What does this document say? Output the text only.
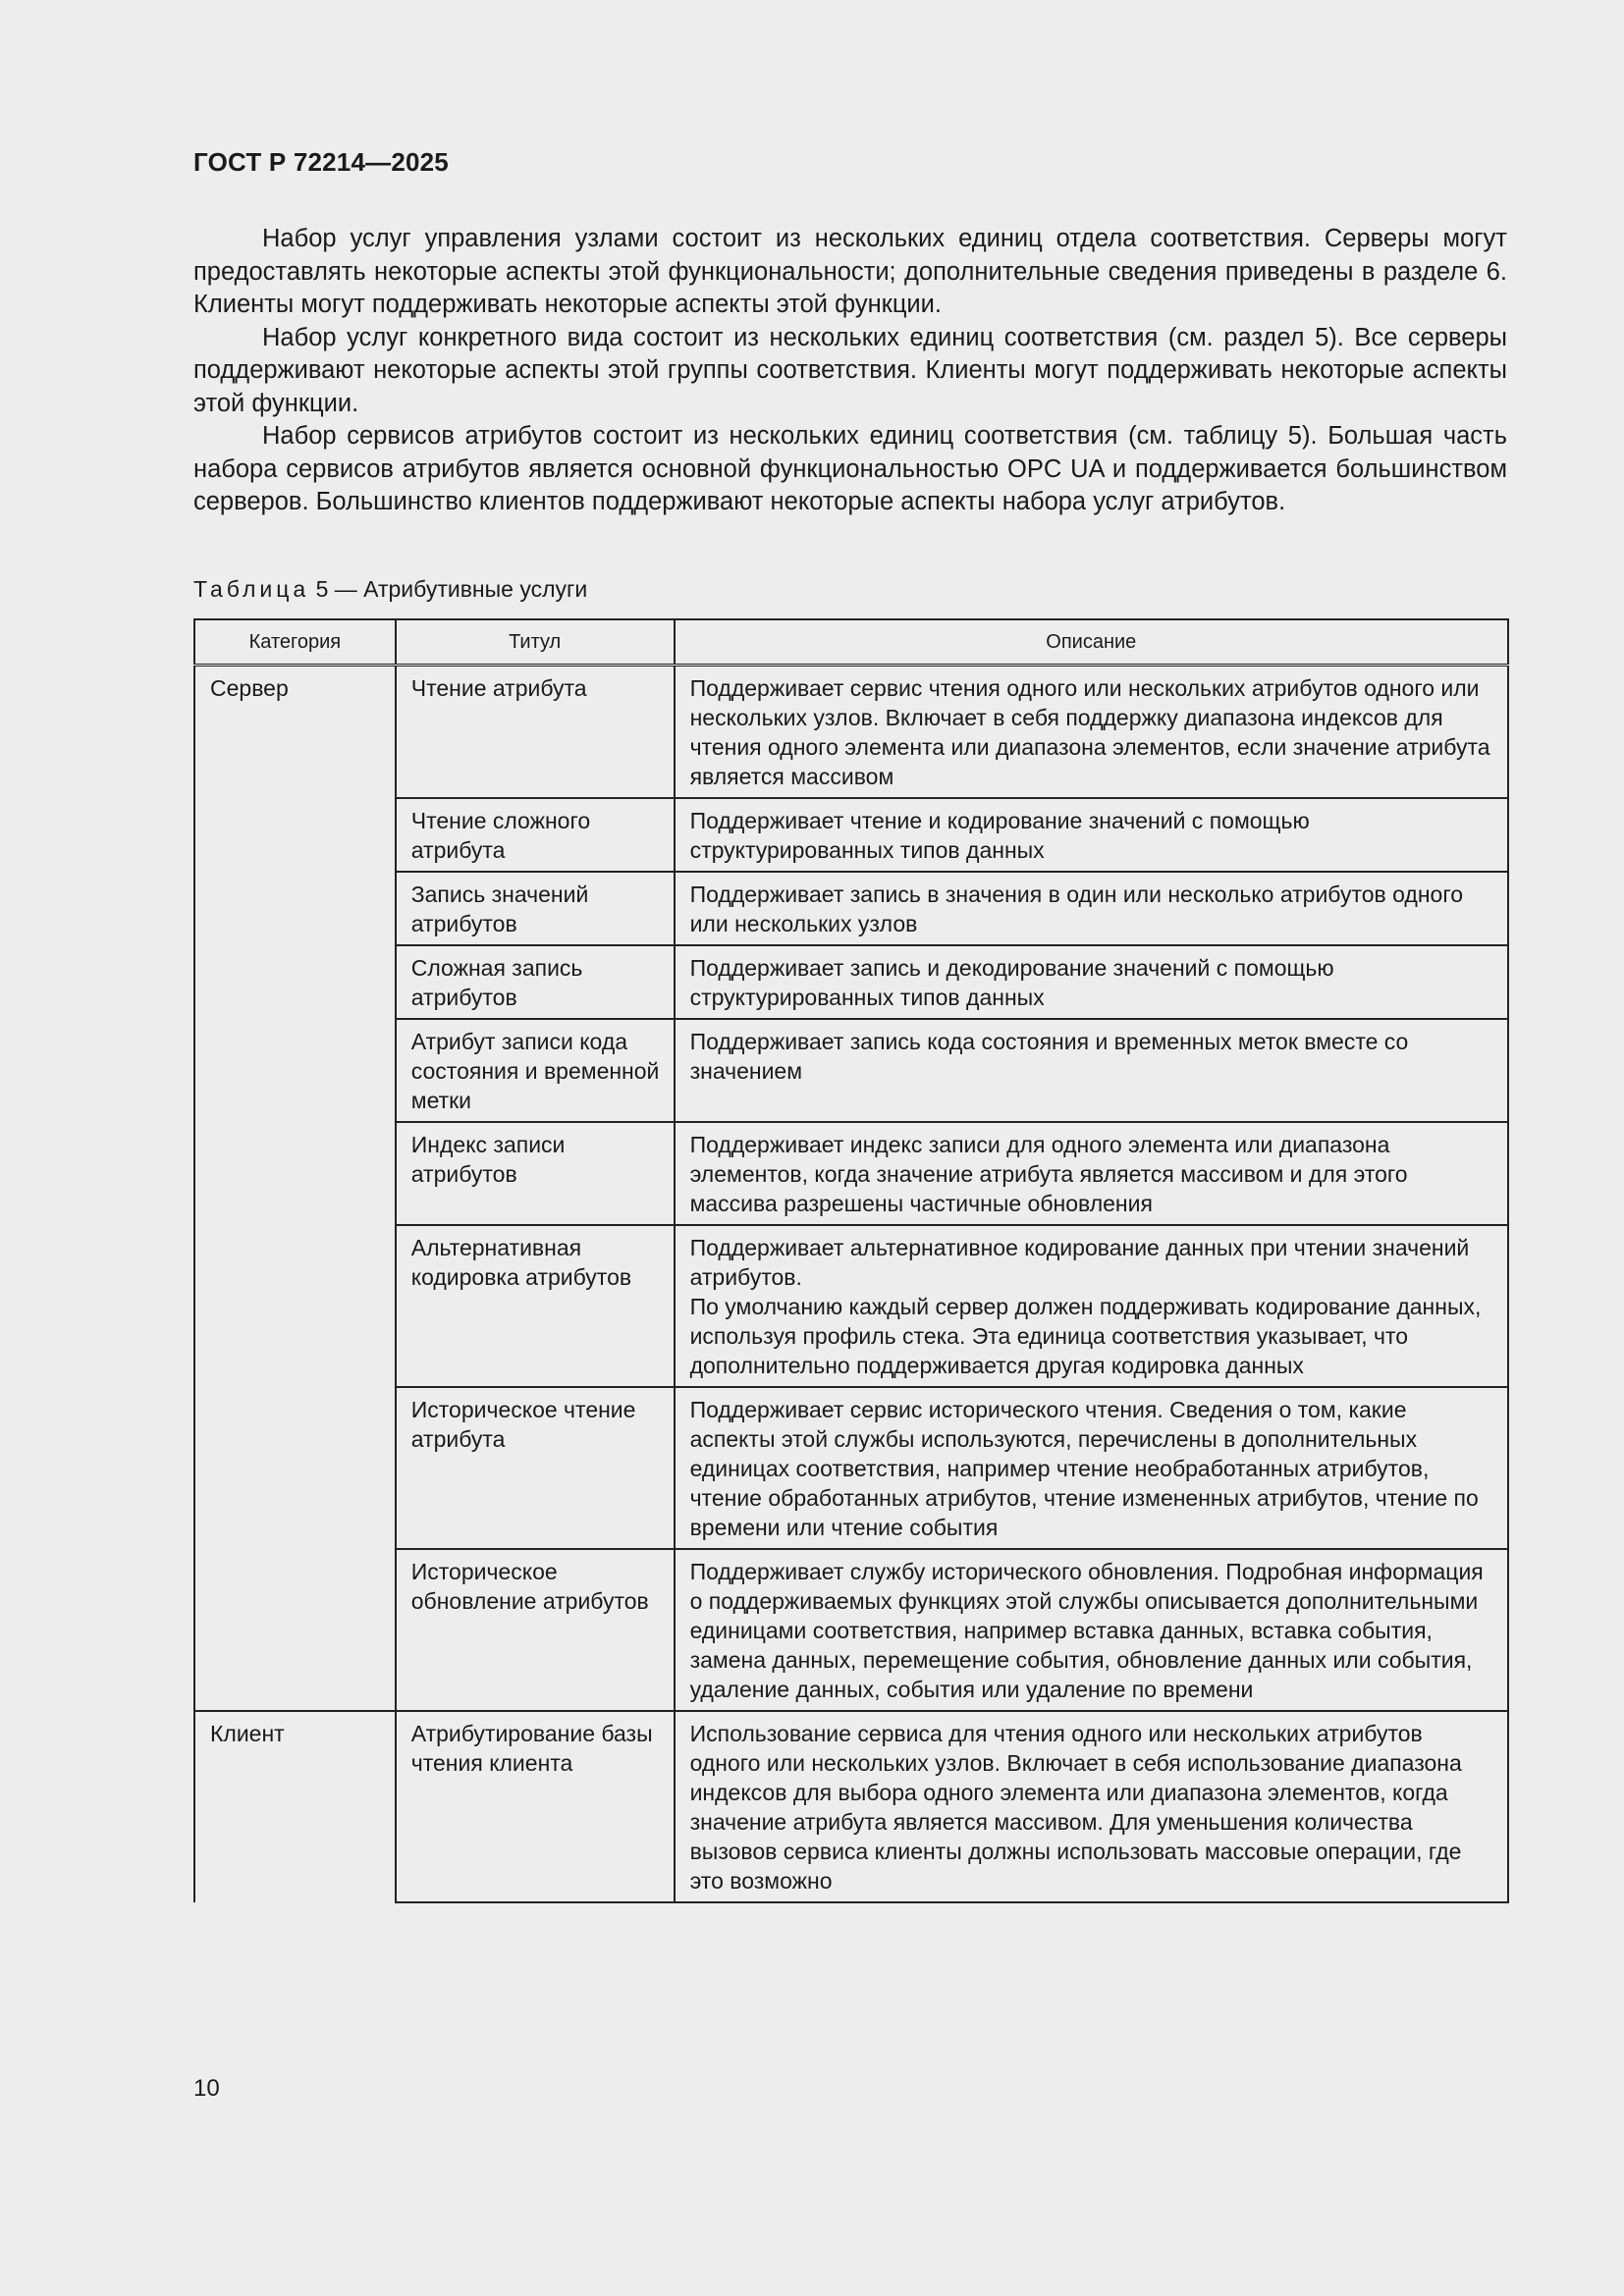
ГОСТ Р 72214—2025

Набор услуг управления узлами состоит из нескольких единиц отдела соответствия. Серверы могут предоставлять некоторые аспекты этой функциональности; дополнительные сведения приведены в разделе 6. Клиенты могут поддерживать некоторые аспекты этой функции.

Набор услуг конкретного вида состоит из нескольких единиц соответствия (см. раздел 5). Все серверы поддерживают некоторые аспекты этой группы соответствия. Клиенты могут поддерживать некоторые аспекты этой функции.

Набор сервисов атрибутов состоит из нескольких единиц соответствия (см. таблицу 5). Большая часть набора сервисов атрибутов является основной функциональностью OPC UA и поддерживается большинством серверов. Большинство клиентов поддерживают некоторые аспекты набора услуг атрибутов.

Таблица 5 — Атрибутивные услуги
Категория	Титул	Описание
Сервер	Чтение атрибута	Поддерживает сервис чтения одного или нескольких атрибутов одного или нескольких узлов. Включает в себя поддержку диапазона индексов для чтения одного элемента или диапазона элементов, если значение атрибута является массивом
	Чтение сложного атрибута	Поддерживает чтение и кодирование значений с помощью структурированных типов данных
	Запись значений атрибутов	Поддерживает запись в значения в один или несколько атрибутов одного или нескольких узлов
	Сложная запись атрибутов	Поддерживает запись и декодирование значений с помощью структурированных типов данных
	Атрибут записи кода состояния и временной метки	Поддерживает запись кода состояния и временных меток вместе со значением
	Индекс записи атрибутов	Поддерживает индекс записи для одного элемента или диапазона элементов, когда значение атрибута является массивом и для этого массива разрешены частичные обновления
	Альтернативная кодировка атрибутов	Поддерживает альтернативное кодирование данных при чтении значений атрибутов.
По умолчанию каждый сервер должен поддерживать кодирование данных, используя профиль стека. Эта единица соответствия указывает, что дополнительно поддерживается другая кодировка данных

	Историческое чтение атрибута	Поддерживает сервис исторического чтения. Сведения о том, какие аспекты этой службы используются, перечислены в дополнительных единицах соответствия, например чтение необработанных атрибутов, чтение обработанных атрибутов, чтение измененных атрибутов, чтение по времени или чтение события
	Историческое обновление атрибутов	Поддерживает службу исторического обновления. Подробная информация о поддерживаемых функциях этой службы описывается дополнительными единицами соответствия, например вставка данных, вставка события, замена данных, перемещение события, обновление данных или события, удаление данных, события или удаление по времени
Клиент	Атрибутирование базы чтения клиента	Использование сервиса для чтения одного или нескольких атрибутов одного или нескольких узлов. Включает в себя использование диапазона индексов для выбора одного элемента или диапазона элементов, когда значение атрибута является массивом. Для уменьшения количества вызовов сервиса клиенты должны использовать массовые операции, где это возможно
10
